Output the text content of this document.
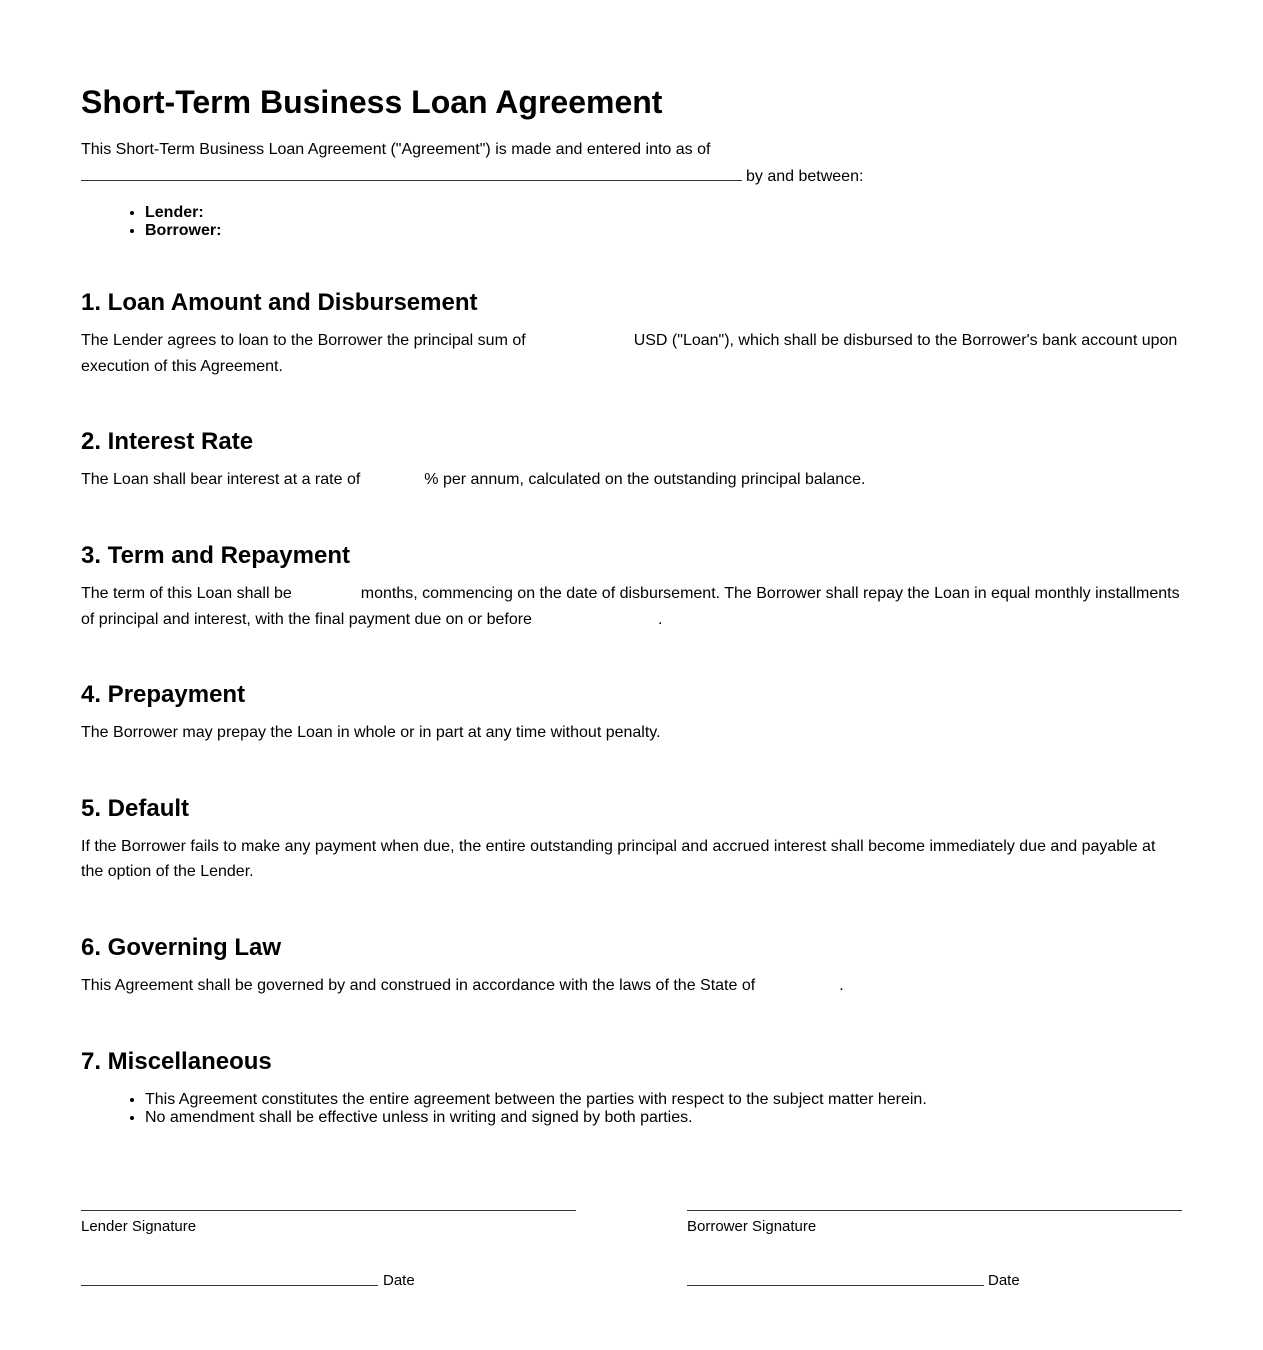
Short-Term Business Loan Agreement

This Short-Term Business Loan Agreement ("Agreement") is made and entered into as of

by and between:

• Lender:
• Borrower:
1. Loan Amount and Disbursement

The Lender agrees to loan to the Borrower the principal sum of	USD ("Loan"), which shall be disbursed to the Borrower's bank account upon

execution of this Agreement.

2. Interest Rate

The Loan shall bear interest at a rate of	% per annum, calculated on the outstanding principal balance.

3. Term and Repayment

The term of this Loan shall be	months, commencing on the date of disbursement. The Borrower shall repay the Loan in equal monthly installments

of principal and interest, with the final payment due on or before	.

4. Prepayment

The Borrower may prepay the Loan in whole or in part at any time without penalty.

5. Default

If the Borrower fails to make any payment when due, the entire outstanding principal and accrued interest shall become immediately due and payable at

the option of the Lender.

6. Governing Law

This Agreement shall be governed by and construed in accordance with the laws of the State of	.

7. Miscellaneous
• This Agreement constitutes the entire agreement between the parties with respect to the subject matter herein.
• No amendment shall be effective unless in writing and signed by both parties.
Lender Signature
Date
Borrower Signature
Date
